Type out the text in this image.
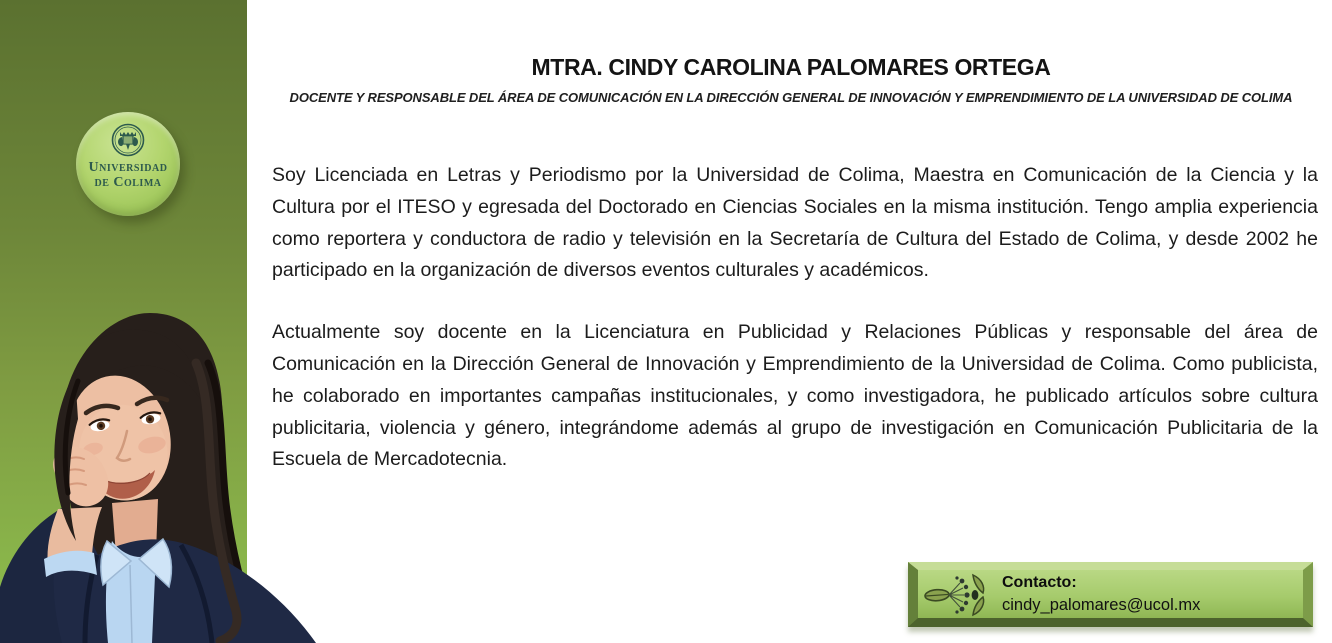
Universidad
de Colima
MTRA. CINDY CAROLINA PALOMARES ORTEGA
DOCENTE Y RESPONSABLE DEL ÁREA DE COMUNICACIÓN EN LA DIRECCIÓN GENERAL DE INNOVACIÓN Y EMPRENDIMIENTO DE LA UNIVERSIDAD DE COLIMA

Soy Licenciada en Letras y Periodismo por la Universidad de Colima, Maestra en Comunicación de la Ciencia y la Cultura por el ITESO y egresada del Doctorado en Ciencias Sociales en la misma institución. Tengo amplia experiencia como reportera y conductora de radio y televisión en la Secretaría de Cultura del Estado de Colima, y desde 2002 he participado en la organización de diversos eventos culturales y académicos.

Actualmente soy docente en la Licenciatura en Publicidad y Relaciones Públicas y responsable del área de Comunicación en la Dirección General de Innovación y Emprendimiento de la Universidad de Colima. Como publicista, he colaborado en importantes campañas institucionales, y como investigadora, he publicado artículos sobre cultura publicitaria, violencia y género, integrándome además al grupo de investigación en Comunicación Publicitaria de la Escuela de Mercadotecnia.

Contacto:
cindy_palomares@ucol.mx
